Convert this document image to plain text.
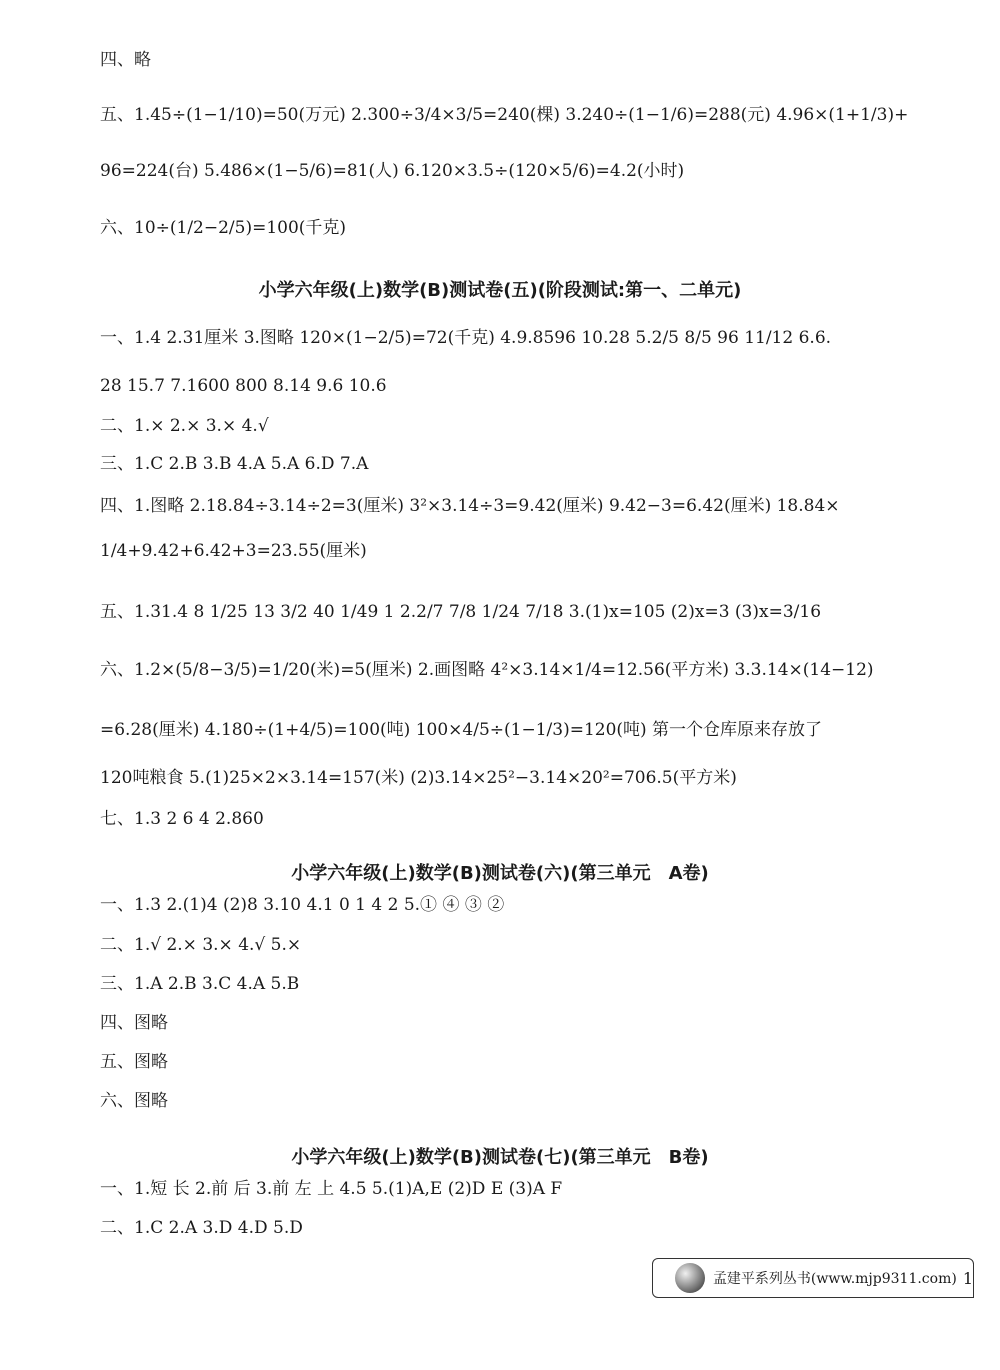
四、略
五、1.45÷(1−1/10)=50(万元) 2.300÷3/4×3/5=240(棵) 3.240÷(1−1/6)=288(元) 4.96×(1+1/3)+
96=224(台) 5.486×(1−5/6)=81(人) 6.120×3.5÷(120×5/6)=4.2(小时)
六、10÷(1/2−2/5)=100(千克)
小学六年级(上)数学(B)测试卷(五)(阶段测试:第一、二单元)
一、1.4 2.31厘米 3.图略 120×(1−2/5)=72(千克) 4.9.8596 10.28 5.2/5 8/5 96 11/12 6.6.
28 15.7 7.1600 800 8.14 9.6 10.6
二、1.× 2.× 3.× 4.√
三、1.C 2.B 3.B 4.A 5.A 6.D 7.A
四、1.图略 2.18.84÷3.14÷2=3(厘米) 3²×3.14÷3=9.42(厘米) 9.42−3=6.42(厘米) 18.84×
1/4+9.42+6.42+3=23.55(厘米)
五、1.31.4 8 1/25 13 3/2 40 1/49 1 2.2/7 7/8 1/24 7/18 3.(1)x=105 (2)x=3 (3)x=3/16
六、1.2×(5/8−3/5)=1/20(米)=5(厘米) 2.画图略 4²×3.14×1/4=12.56(平方米) 3.3.14×(14−12)
=6.28(厘米) 4.180÷(1+4/5)=100(吨) 100×4/5÷(1−1/3)=120(吨) 第一个仓库原来存放了
120吨粮食 5.(1)25×2×3.14=157(米) (2)3.14×25²−3.14×20²=706.5(平方米)
七、1.3 2 6 4 2.860
小学六年级(上)数学(B)测试卷(六)(第三单元　A卷)
一、1.3 2.(1)4 (2)8 3.10 4.1 0 1 4 2 5.① ④ ③ ②
二、1.√ 2.× 3.× 4.√ 5.×
三、1.A 2.B 3.C 4.A 5.B
四、图略
五、图略
六、图略
小学六年级(上)数学(B)测试卷(七)(第三单元　B卷)
一、1.短 长 2.前 后 3.前 左 上 4.5 5.(1)A,E (2)D E (3)A F
二、1.C 2.A 3.D 4.D 5.D
孟建平系列丛书(www.mjp9311.com) 1
